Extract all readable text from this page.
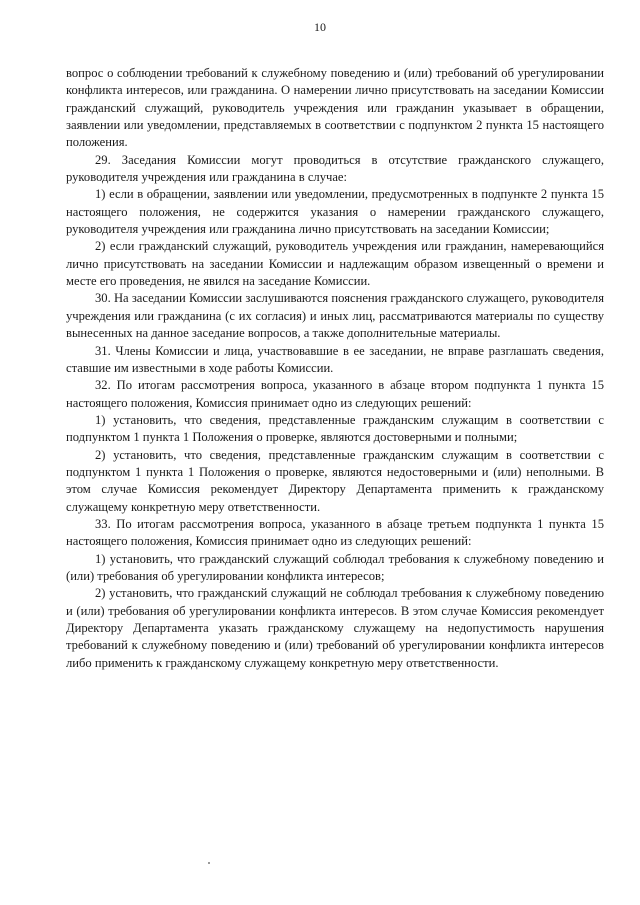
10

вопрос о соблюдении требований к служебному поведению и (или) требований об урегулировании конфликта интересов, или гражданина. О намерении лично присутствовать на заседании Комиссии гражданский служащий, руководитель учреждения или гражданин указывает в обращении, заявлении или уведомлении, представляемых в соответствии с подпунктом 2 пункта 15 настоящего положения.

29. Заседания Комиссии могут проводиться в отсутствие гражданского служащего, руководителя учреждения или гражданина в случае:

1) если в обращении, заявлении или уведомлении, предусмотренных в подпункте 2 пункта 15 настоящего положения, не содержится указания о намерении гражданского служащего, руководителя учреждения или гражданина лично присутствовать на заседании Комиссии;

2) если гражданский служащий, руководитель учреждения или гражданин, намеревающийся лично присутствовать на заседании Комиссии и надлежащим образом извещенный о времени и месте его проведения, не явился на заседание Комиссии.

30. На заседании Комиссии заслушиваются пояснения гражданского служащего, руководителя учреждения или гражданина (с их согласия) и иных лиц, рассматриваются материалы по существу вынесенных на данное заседание вопросов, а также дополнительные материалы.

31. Члены Комиссии и лица, участвовавшие в ее заседании, не вправе разглашать сведения, ставшие им известными в ходе работы Комиссии.

32. По итогам рассмотрения вопроса, указанного в абзаце втором подпункта 1 пункта 15 настоящего положения, Комиссия принимает одно из следующих решений:

1) установить, что сведения, представленные гражданским служащим в соответствии с подпунктом 1 пункта 1 Положения о проверке, являются достоверными и полными;

2) установить, что сведения, представленные гражданским служащим в соответствии с подпунктом 1 пункта 1 Положения о проверке, являются недостоверными и (или) неполными. В этом случае Комиссия рекомендует Директору Департамента применить к гражданскому служащему конкретную меру ответственности.

33. По итогам рассмотрения вопроса, указанного в абзаце третьем подпункта 1 пункта 15 настоящего положения, Комиссия принимает одно из следующих решений:

1) установить, что гражданский служащий соблюдал требования к служебному поведению и (или) требования об урегулировании конфликта интересов;

2) установить, что гражданский служащий не соблюдал требования к служебному поведению и (или) требования об урегулировании конфликта интересов. В этом случае Комиссия рекомендует Директору Департамента указать гражданскому служащему на недопустимость нарушения требований к служебному поведению и (или) требований об урегулировании конфликта интересов либо применить к гражданскому служащему конкретную меру ответственности.
